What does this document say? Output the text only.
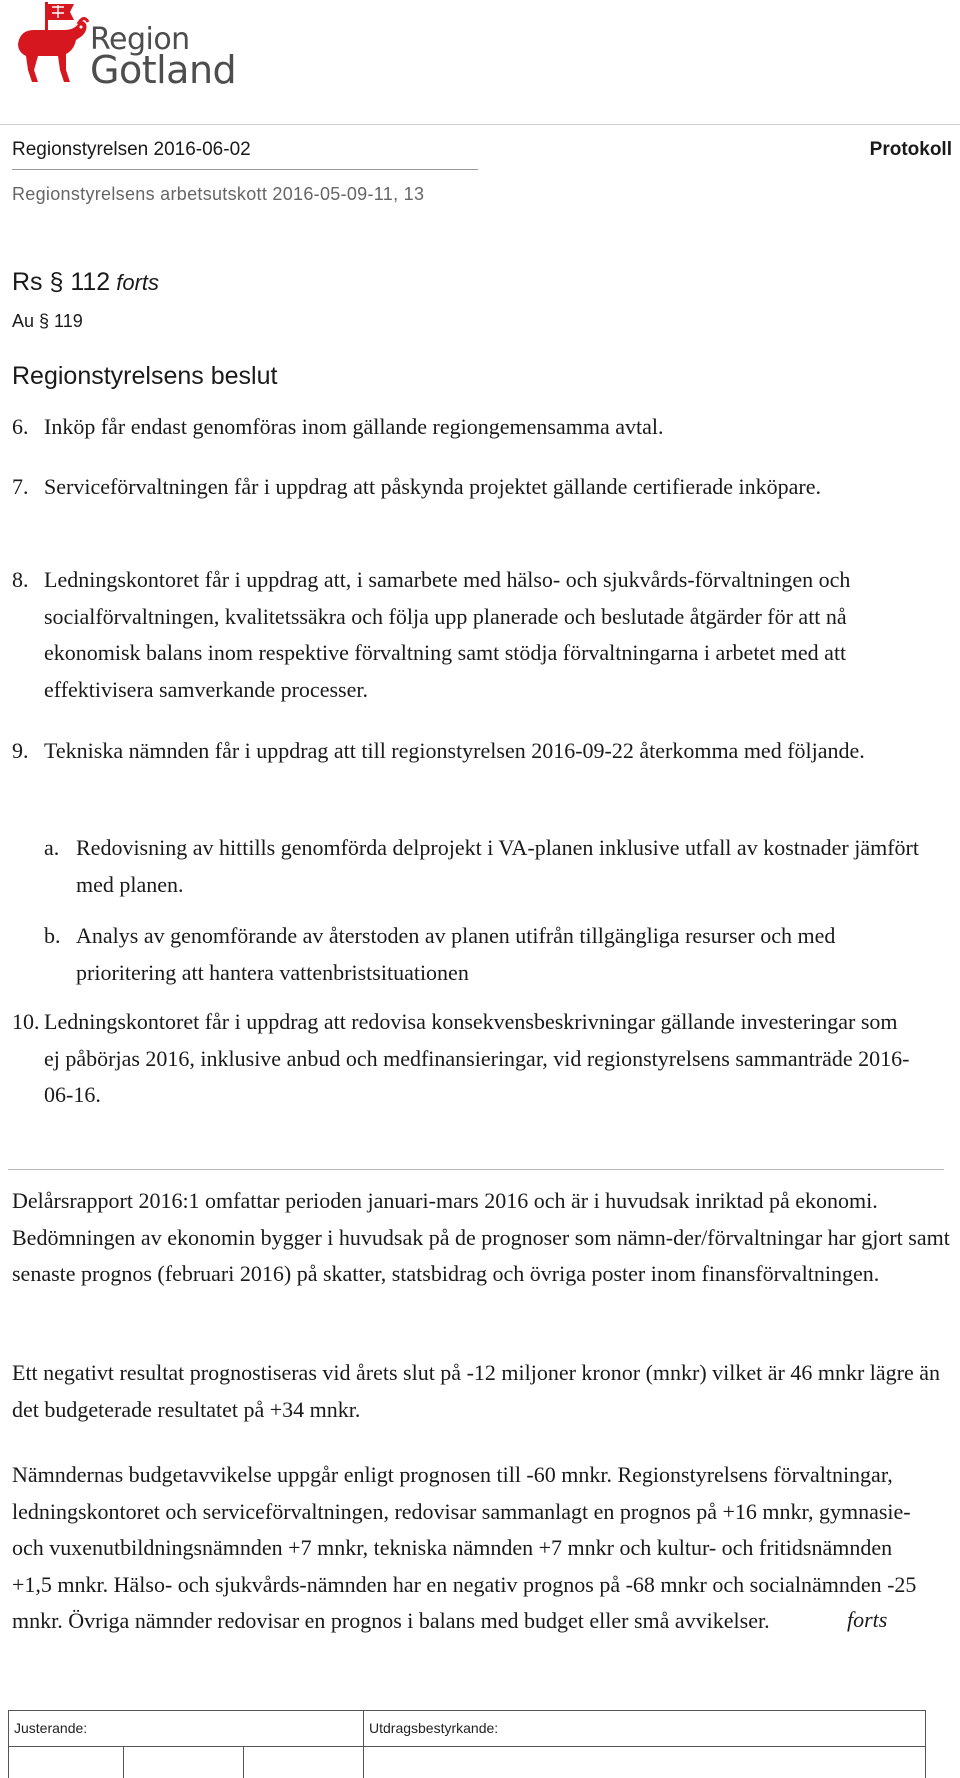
Region
Gotland
Regionstyrelsen 2016-06-02	Protokoll
Regionstyrelsens arbetsutskott 2016-05-09-11, 13
Rs § 112 forts
Au § 119
Regionstyrelsens beslut
6. Inköp får endast genomföras inom gällande regiongemensamma avtal.
7. Serviceförvaltningen får i uppdrag att påskynda projektet gällande certifierade inköpare.
8. Ledningskontoret får i uppdrag att, i samarbete med hälso- och sjukvårds-förvaltningen och socialförvaltningen, kvalitetssäkra och följa upp planerade och beslutade åtgärder för att nå ekonomisk balans inom respektive förvaltning samt stödja förvaltningarna i arbetet med att effektivisera samverkande processer.
9. Tekniska nämnden får i uppdrag att till regionstyrelsen 2016-09-22 återkomma med följande.
a. Redovisning av hittills genomförda delprojekt i VA-planen inklusive utfall av kostnader jämfört med planen.
b. Analys av genomförande av återstoden av planen utifrån tillgängliga resurser och med prioritering att hantera vattenbristsituationen
10. Ledningskontoret får i uppdrag att redovisa konsekvensbeskrivningar gällande investeringar som ej påbörjas 2016, inklusive anbud och medfinansieringar, vid regionstyrelsens sammanträde 2016-06-16.
Delårsrapport 2016:1 omfattar perioden januari-mars 2016 och är i huvudsak inriktad på ekonomi. Bedömningen av ekonomin bygger i huvudsak på de prognoser som nämn-der/förvaltningar har gjort samt senaste prognos (februari 2016) på skatter, statsbidrag och övriga poster inom finansförvaltningen.
Ett negativt resultat prognostiseras vid årets slut på -12 miljoner kronor (mnkr) vilket är 46 mnkr lägre än det budgeterade resultatet på +34 mnkr.
Nämndernas budgetavvikelse uppgår enligt prognosen till -60 mnkr. Regionstyrelsens förvaltningar, ledningskontoret och serviceförvaltningen, redovisar sammanlagt en prognos på +16 mnkr, gymnasie- och vuxenutbildningsnämnden +7 mnkr, tekniska nämnden +7 mnkr och kultur- och fritidsnämnden +1,5 mnkr. Hälso- och sjukvårds-nämnden har en negativ prognos på -68 mnkr och socialnämnden -25 mnkr. Övriga nämnder redovisar en prognos i balans med budget eller små avvikelser.	forts
Justerande:	Utdragsbestyrkande:
